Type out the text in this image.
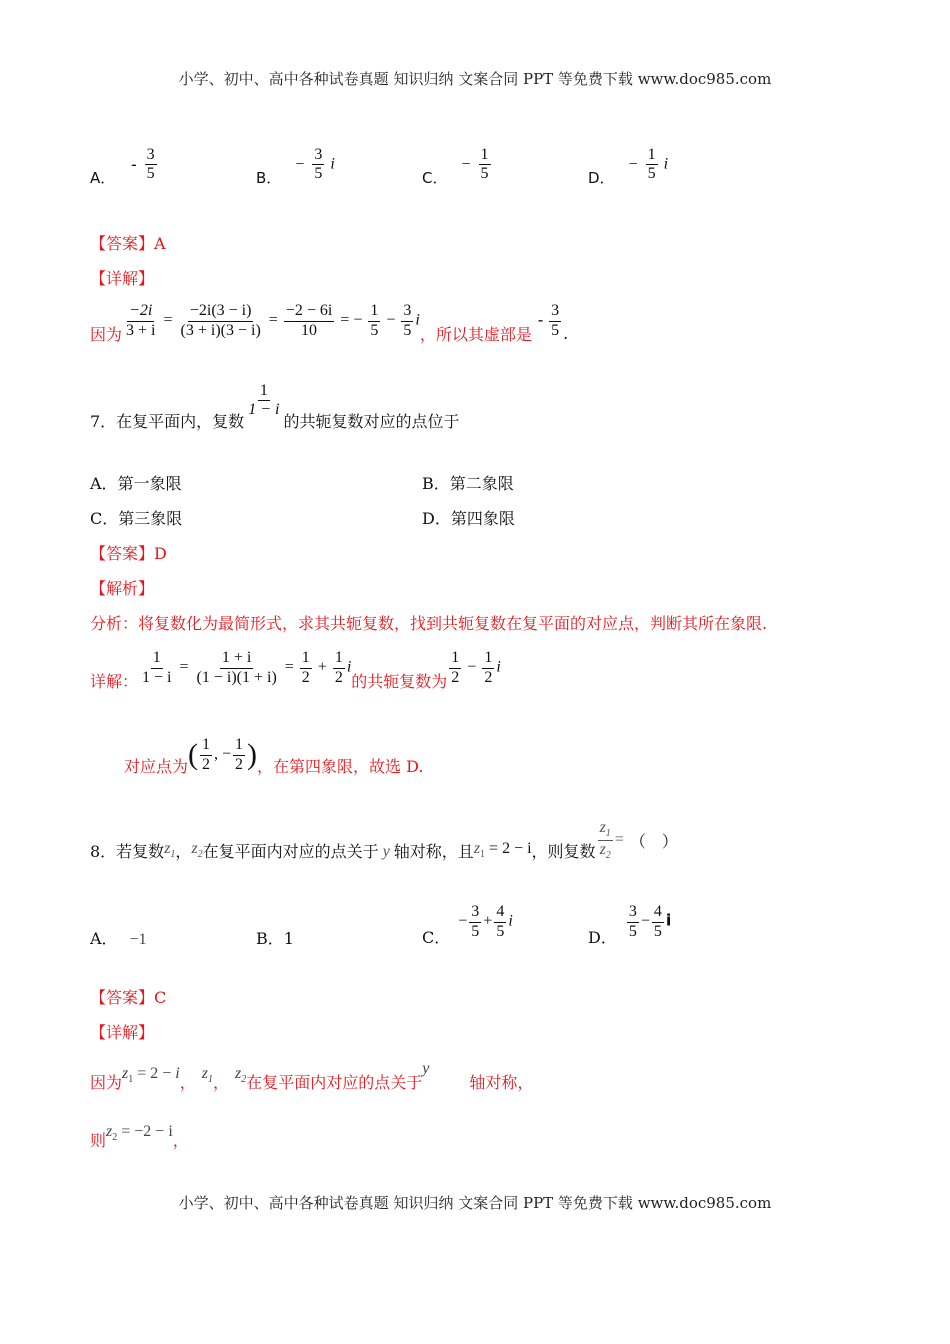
小学、初中、高中各种试卷真题 知识归纳 文案合同 PPT 等免费下载 www.doc985.com
A． - $\frac{3}{5}$	B． − $\frac{3}{5}$ i
C． − $\frac{1}{5}$	D． − $\frac{1}{5}$ i
【答案】A
【详解】
因为 $\frac{-2i}{3 + i} = \frac{-2i(3 - i)}{(3 + i)(3 - i)} = \frac{-2 - 6i}{10}$ = − $\frac{1}{5} - \frac{3}{5}$ i
，所以其虚部是
- $\frac{3}{5}$ .
7．在复平面内，复数
$\frac{1}{1 - i}$
的共轭复数对应的点位于
A．第一象限	B．第二象限
C．第三象限	D．第四象限
【答案】D
【解析】
分析：将复数化为最简形式，求其共轭复数，找到共轭复数在复平面的对应点，判断其所在象限.
详解： $\frac{1}{1 - i} = \frac{1 + i}{(1 - i)(1 + i)} = \frac{1}{2} + \frac{1}{2}$ i
的共轭复数为 $\frac{1}{2} - \frac{1}{2}$ i
对应点为 ( $\frac{1}{2}$ , − $\frac{1}{2}$ ) ，在第四象限，故选 D.
8．若复数 $z_1$ ， $z_2$ 在复平面内对应的点关于 y 轴对称，且 $z_1 = 2 - i$ ，则复数 $\frac{z_1}{z_2}$ = （　）
A． −1	B．1	C．
− $\frac{3}{5} + \frac{4}{5}$ i
D． $\frac{3}{5} - \frac{4}{5}$ i
【答案】C
【详解】
因为 $z_1 = 2 - i$ ， $z_1$ ， $z_2$ 在复平面内对应的点关于
y
轴对称，
则 $z_2 = -2 - i$ ，
小学、初中、高中各种试卷真题 知识归纳 文案合同 PPT 等免费下载 www.doc985.com
